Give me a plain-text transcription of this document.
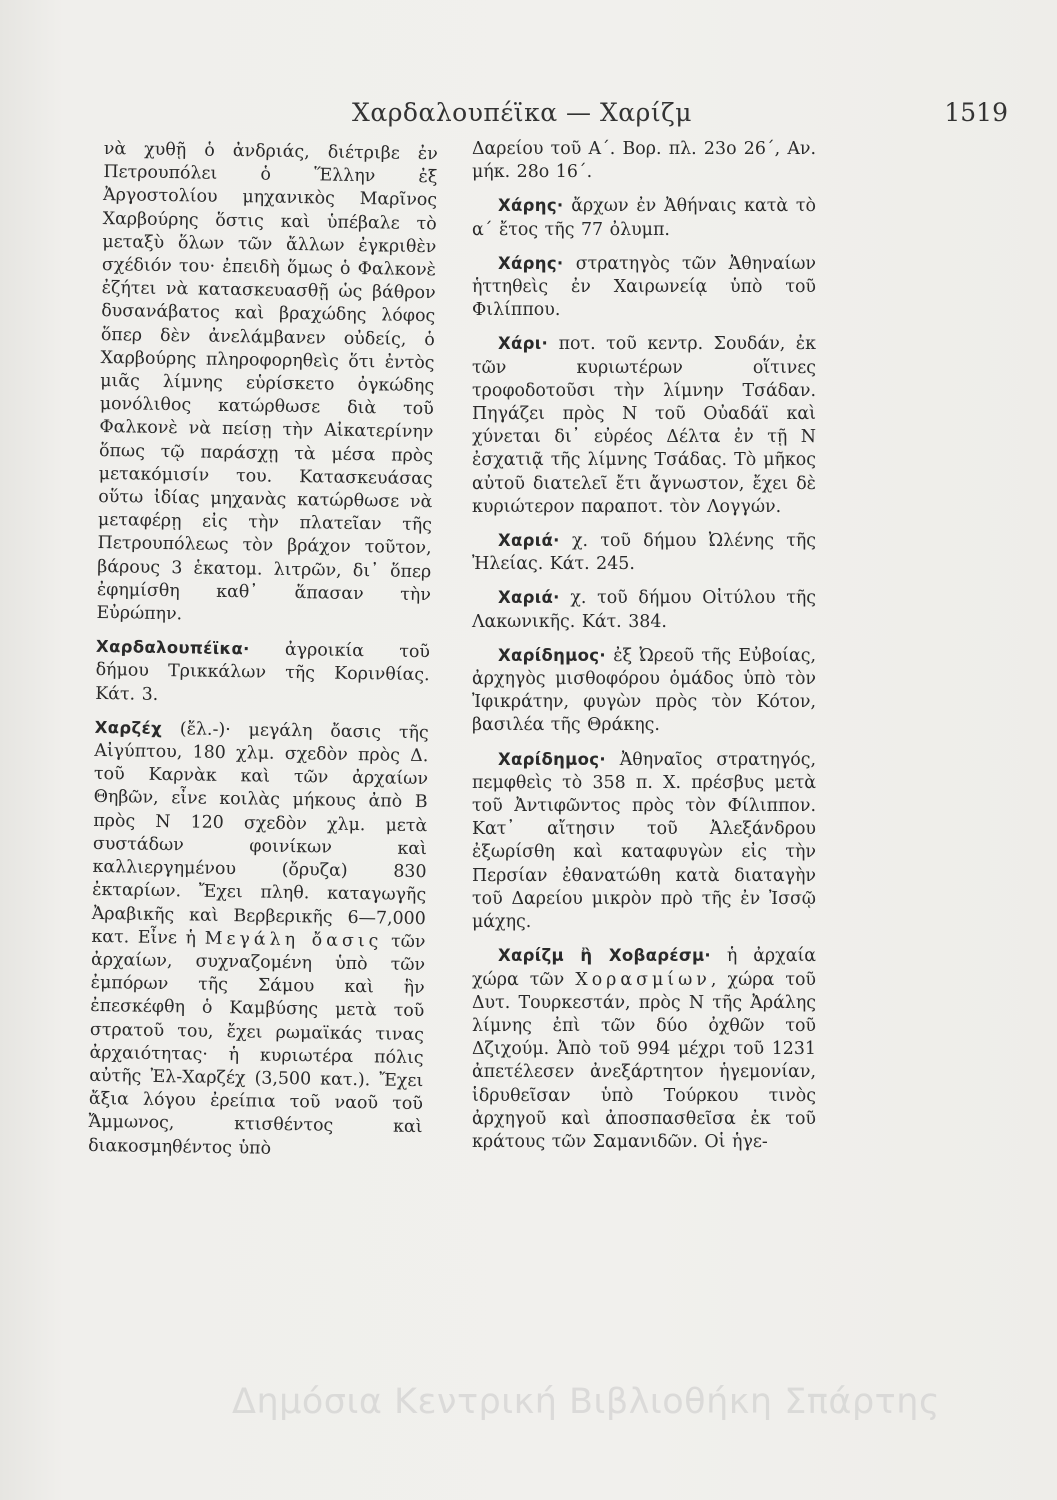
Χαρδαλουπέϊκα — Χαρίζμ	1519

νὰ χυθῇ ὁ ἀνδριάς, διέτριβε ἐν Πετρουπόλει ὁ Ἕλλην ἐξ Ἀργοστολίου μηχανικὸς Μαρῖνος Χαρβούρης ὅστις καὶ ὑπέβαλε τὸ μεταξὺ ὅλων τῶν ἄλλων ἐγκριθὲν σχέδιόν του· ἐπειδὴ ὅμως ὁ Φαλκονὲ ἐζήτει νὰ κατασκευασθῇ ὡς βάθρον δυσανάβατος καὶ βραχώδης λόφος ὅπερ δὲν ἀνελάμβανεν οὐδείς, ὁ Χαρβούρης πληροφορηθεὶς ὅτι ἐντὸς μιᾶς λίμνης εὑρίσκετο ὀγκώδης μονόλιθος κατώρθωσε διὰ τοῦ Φαλκονὲ νὰ πείσῃ τὴν Αἰκατερίνην ὅπως τῷ παράσχῃ τὰ μέσα πρὸς μετακόμισίν του. Κατασκευάσας οὕτω ἰδίας μηχανὰς κατώρθωσε νὰ μεταφέρῃ εἰς τὴν πλατεῖαν τῆς Πετρουπόλεως τὸν βράχον τοῦτον, βάρους 3 ἑκατομ. λιτρῶν, δι᾽ ὅπερ ἐφημίσθη καθ᾽ ἅπασαν τὴν Εὐρώπην.

Χαρδαλουπέϊκα· ἀγροικία τοῦ δήμου Τρικκάλων τῆς Κορινθίας. Κάτ. 3.

Χαρζέχ (ἔλ.-)· μεγάλη ὄασις τῆς Αἰγύπτου, 180 χλμ. σχεδὸν πρὸς Δ. τοῦ Καρνὰκ καὶ τῶν ἀρχαίων Θηβῶν, εἶνε κοιλὰς μήκους ἀπὸ Β πρὸς Ν 120 σχεδὸν χλμ. μετὰ συστάδων φοινίκων καὶ καλλιεργημένου (ὄρυζα) 830 ἐκταρίων. Ἔχει πληθ. καταγωγῆς Ἀραβικῆς καὶ Βερβερικῆς 6—7,000 κατ. Εἶνε ἡ Μεγάλη ὄασις τῶν ἀρχαίων, συχναζομένη ὑπὸ τῶν ἐμπόρων τῆς Σάμου καὶ ἣν ἐπεσκέφθη ὁ Καμβύσης μετὰ τοῦ στρατοῦ του, ἔχει ρωμαϊκάς τινας ἀρχαιότητας· ἡ κυριωτέρα πόλις αὐτῆς Ἐλ-Χαρζέχ (3,500 κατ.). Ἔχει ἄξια λόγου ἐρείπια τοῦ ναοῦ τοῦ Ἄμμωνος, κτισθέντος καὶ διακοσμηθέντος ὑπὸ

Δαρείου τοῦ Α΄. Βορ. πλ. 23ο 26΄, Αν. μήκ. 28ο 16΄.

Χάρης· ἄρχων ἐν Ἀθήναις κατὰ τὸ α΄ ἔτος τῆς 77 ὀλυμπ.

Χάρης· στρατηγὸς τῶν Ἀθηναίων ἡττηθεὶς ἐν Χαιρωνείᾳ ὑπὸ τοῦ Φιλίππου.

Χάρι· ποτ. τοῦ κεντρ. Σουδάν, ἐκ τῶν κυριωτέρων οἵτινες τροφοδοτοῦσι τὴν λίμνην Τσάδαν. Πηγάζει πρὸς Ν τοῦ Οὐαδάϊ καὶ χύνεται δι᾽ εὐρέος Δέλτα ἐν τῇ Ν ἐσχατιᾷ τῆς λίμνης Τσάδας. Τὸ μῆκος αὐτοῦ διατελεῖ ἔτι ἄγνωστον, ἔχει δὲ κυριώτερον παραποτ. τὸν Λογγών.

Χαριά· χ. τοῦ δήμου Ὠλένης τῆς Ἠλείας. Κάτ. 245.

Χαριά· χ. τοῦ δήμου Οἰτύλου τῆς Λακωνικῆς. Κάτ. 384.

Χαρίδημος· ἐξ Ὠρεοῦ τῆς Εὐβοίας, ἀρχηγὸς μισθοφόρου ὁμάδος ὑπὸ τὸν Ἰφικράτην, φυγὼν πρὸς τὸν Κότον, βασιλέα τῆς Θράκης.

Χαρίδημος· Ἀθηναῖος στρατηγός, πεμφθεὶς τὸ 358 π. Χ. πρέσβυς μετὰ τοῦ Ἀντιφῶντος πρὸς τὸν Φίλιππον. Κατ᾽ αἴτησιν τοῦ Ἀλεξάνδρου ἐξωρίσθη καὶ καταφυγὼν εἰς τὴν Περσίαν ἐθανατώθη κατὰ διαταγὴν τοῦ Δαρείου μικρὸν πρὸ τῆς ἐν Ἰσσῷ μάχης.

Χαρίζμ ἢ Χοβαρέσμ· ἡ ἀρχαία χώρα τῶν Χορασμίων, χώρα τοῦ Δυτ. Τουρκεστάν, πρὸς Ν τῆς Ἀράλης λίμνης ἐπὶ τῶν δύο ὀχθῶν τοῦ Δζιχούμ. Ἀπὸ τοῦ 994 μέχρι τοῦ 1231 ἀπετέλεσεν ἀνεξάρτητον ἡγεμονίαν, ἱδρυθεῖσαν ὑπὸ Τούρκου τινὸς ἀρχηγοῦ καὶ ἀποσπασθεῖσα ἐκ τοῦ κράτους τῶν Σαμανιδῶν. Οἱ ἡγε-

Δημόσια Κεντρική Βιβλιοθήκη Σπάρτης
